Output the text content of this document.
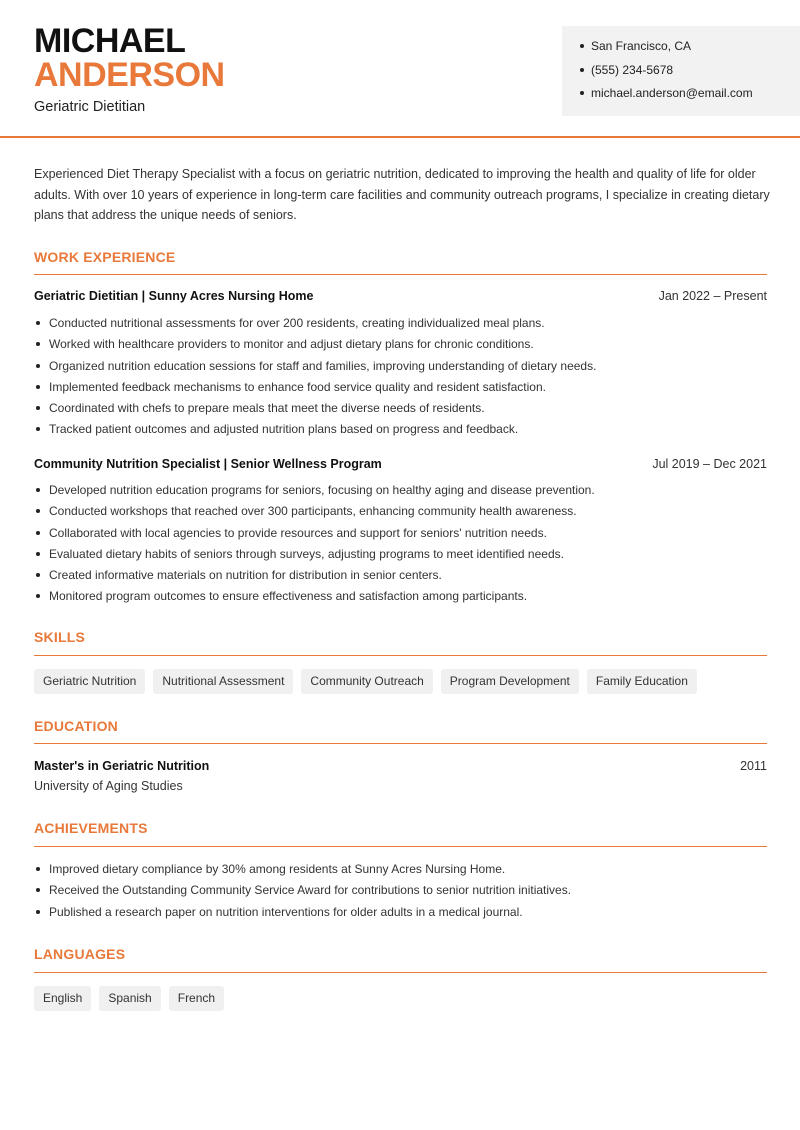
MICHAEL
ANDERSON
Geriatric Dietitian
San Francisco, CA
(555) 234-5678
michael.anderson@email.com
Experienced Diet Therapy Specialist with a focus on geriatric nutrition, dedicated to improving the health and quality of life for older adults. With over 10 years of experience in long-term care facilities and community outreach programs, I specialize in creating dietary plans that address the unique needs of seniors.
WORK EXPERIENCE
Geriatric Dietitian | Sunny Acres Nursing Home	Jan 2022 – Present
Conducted nutritional assessments for over 200 residents, creating individualized meal plans.
Worked with healthcare providers to monitor and adjust dietary plans for chronic conditions.
Organized nutrition education sessions for staff and families, improving understanding of dietary needs.
Implemented feedback mechanisms to enhance food service quality and resident satisfaction.
Coordinated with chefs to prepare meals that meet the diverse needs of residents.
Tracked patient outcomes and adjusted nutrition plans based on progress and feedback.
Community Nutrition Specialist | Senior Wellness Program	Jul 2019 – Dec 2021
Developed nutrition education programs for seniors, focusing on healthy aging and disease prevention.
Conducted workshops that reached over 300 participants, enhancing community health awareness.
Collaborated with local agencies to provide resources and support for seniors' nutrition needs.
Evaluated dietary habits of seniors through surveys, adjusting programs to meet identified needs.
Created informative materials on nutrition for distribution in senior centers.
Monitored program outcomes to ensure effectiveness and satisfaction among participants.
SKILLS
Geriatric Nutrition	Nutritional Assessment	Community Outreach	Program Development	Family Education
EDUCATION
Master's in Geriatric Nutrition	2011
University of Aging Studies
ACHIEVEMENTS
Improved dietary compliance by 30% among residents at Sunny Acres Nursing Home.
Received the Outstanding Community Service Award for contributions to senior nutrition initiatives.
Published a research paper on nutrition interventions for older adults in a medical journal.
LANGUAGES
English	Spanish	French
